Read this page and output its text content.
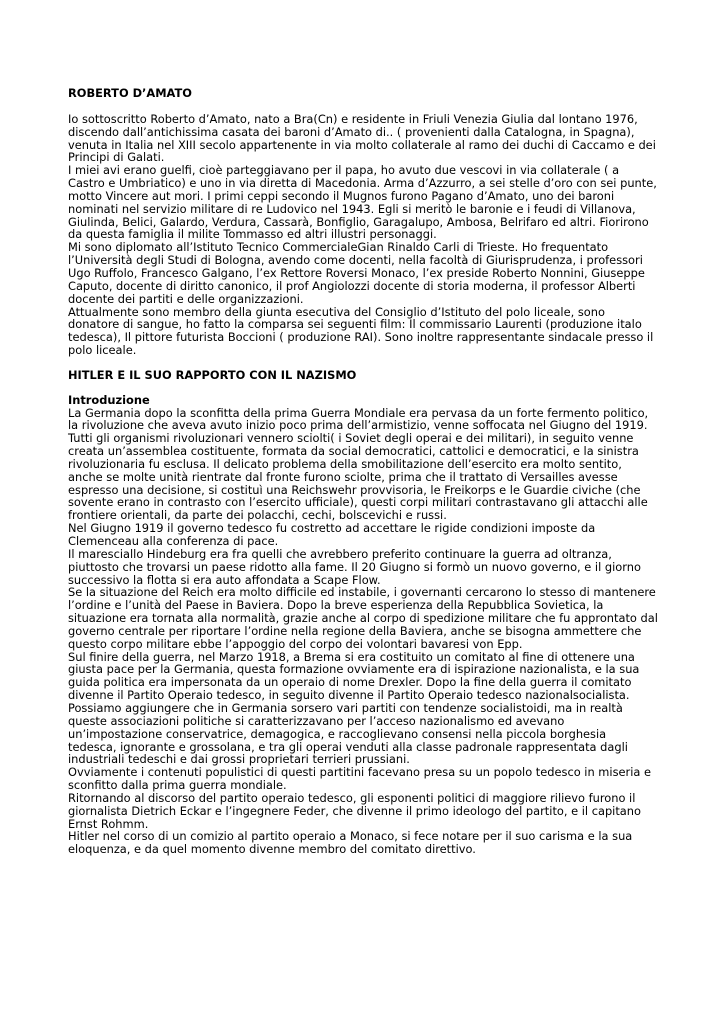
ROBERTO D’AMATO

Io sottoscritto Roberto d’Amato, nato a Bra(Cn) e residente in Friuli Venezia Giulia dal lontano 1976, discendo dall’antichissima casata dei baroni d’Amato di.. ( provenienti dalla Catalogna, in Spagna), venuta in Italia nel XIII secolo appartenente in via molto collaterale al ramo dei duchi di Caccamo e dei Principi di Galati.

I miei avi erano guelfi, cioè parteggiavano per il papa, ho avuto due vescovi in via collaterale ( a Castro e Umbriatico) e uno in via diretta di Macedonia. Arma d’Azzurro, a sei stelle d’oro con sei punte, motto Vincere aut mori. I primi ceppi secondo il Mugnos furono Pagano d’Amato, uno dei baroni nominati nel servizio militare di re Ludovico nel 1943. Egli si meritò le baronie e i feudi di Villanova, Giulinda, Belici, Galardo, Verdura, Cassarà, Bonfiglio, Garagalupo, Ambosa, Belrifaro ed altri. Fiorirono da questa famiglia il milite Tommasso ed altri illustri personaggi.

Mi sono diplomato all’Istituto Tecnico CommercialeGian Rinaldo Carli di Trieste. Ho frequentato l’Università degli Studi di Bologna, avendo come docenti, nella facoltà di Giurisprudenza, i professori Ugo Ruffolo, Francesco Galgano, l’ex Rettore Roversi Monaco, l’ex preside Roberto Nonnini, Giuseppe Caputo, docente di diritto canonico, il prof Angiolozzi docente di storia moderna, il professor Alberti docente dei partiti e delle organizzazioni.

Attualmente sono membro della giunta esecutiva del Consiglio d’Istituto del polo liceale, sono donatore di sangue, ho fatto la comparsa sei seguenti film: Il commissario Laurenti (produzione italo tedesca), Il pittore futurista Boccioni ( produzione RAI). Sono inoltre rappresentante sindacale presso il polo liceale.

HITLER E IL SUO RAPPORTO CON IL NAZISMO
Introduzione

La Germania dopo la sconfitta della prima Guerra Mondiale era pervasa da un forte fermento politico, la rivoluzione che aveva avuto inizio poco prima dell’armistizio, venne soffocata nel Giugno del 1919. Tutti gli organismi rivoluzionari vennero sciolti( i Soviet degli operai e dei militari), in seguito venne creata un’assemblea costituente, formata da social democratici, cattolici e democratici, e la sinistra rivoluzionaria fu esclusa. Il delicato problema della smobilitazione dell’esercito era molto sentito, anche se molte unità rientrate dal fronte furono sciolte, prima che il trattato di Versailles avesse espresso una decisione, si costituì una Reichswehr provvisoria, le Freikorps e le Guardie civiche (che sovente erano in contrasto con l’esercito ufficiale), questi corpi militari contrastavano gli attacchi alle frontiere orientali, da parte dei polacchi, cechi, bolscevichi e russi.

Nel Giugno 1919 il governo tedesco fu costretto ad accettare le rigide condizioni imposte da Clemenceau alla conferenza di pace.

Il maresciallo Hindeburg era fra quelli che avrebbero preferito continuare la guerra ad oltranza, piuttosto che trovarsi un paese ridotto alla fame. Il 20 Giugno si formò un nuovo governo, e il giorno successivo la flotta si era auto affondata a Scape Flow.

Se la situazione del Reich era molto difficile ed instabile, i governanti cercarono lo stesso di mantenere l’ordine e l’unità del Paese in Baviera. Dopo la breve esperienza della Repubblica Sovietica, la situazione era tornata alla normalità, grazie anche al corpo di spedizione militare che fu approntato dal governo centrale per riportare l’ordine nella regione della Baviera, anche se bisogna ammettere che questo corpo militare ebbe l’appoggio del corpo dei volontari bavaresi von Epp.

Sul finire della guerra, nel Marzo 1918, a Brema si era costituito un comitato al fine di ottenere una giusta pace per la Germania, questa formazione ovviamente era di ispirazione nazionalista, e la sua guida politica era impersonata da un operaio di nome Drexler. Dopo la fine della guerra il comitato divenne il Partito Operaio tedesco, in seguito divenne il Partito Operaio tedesco nazionalsocialista.

Possiamo aggiungere che in Germania sorsero vari partiti con tendenze socialistoidi, ma in realtà queste associazioni politiche si caratterizzavano per l’acceso nazionalismo ed avevano un’impostazione conservatrice, demagogica, e raccoglievano consensi nella piccola borghesia tedesca, ignorante e grossolana, e tra gli operai venduti alla classe padronale rappresentata dagli industriali tedeschi e dai grossi proprietari terrieri prussiani.

Ovviamente i contenuti populistici di questi partitini facevano presa su un popolo tedesco in miseria e sconfitto dalla prima guerra mondiale.

Ritornando al discorso del partito operaio tedesco, gli esponenti politici di maggiore rilievo furono il giornalista Dietrich Eckar e l’ingegnere Feder, che divenne il primo ideologo del partito, e il capitano Ernst Rohmm.

Hitler nel corso di un comizio al partito operaio a Monaco, si fece notare per il suo carisma e la sua eloquenza, e da quel momento divenne membro del comitato direttivo.
